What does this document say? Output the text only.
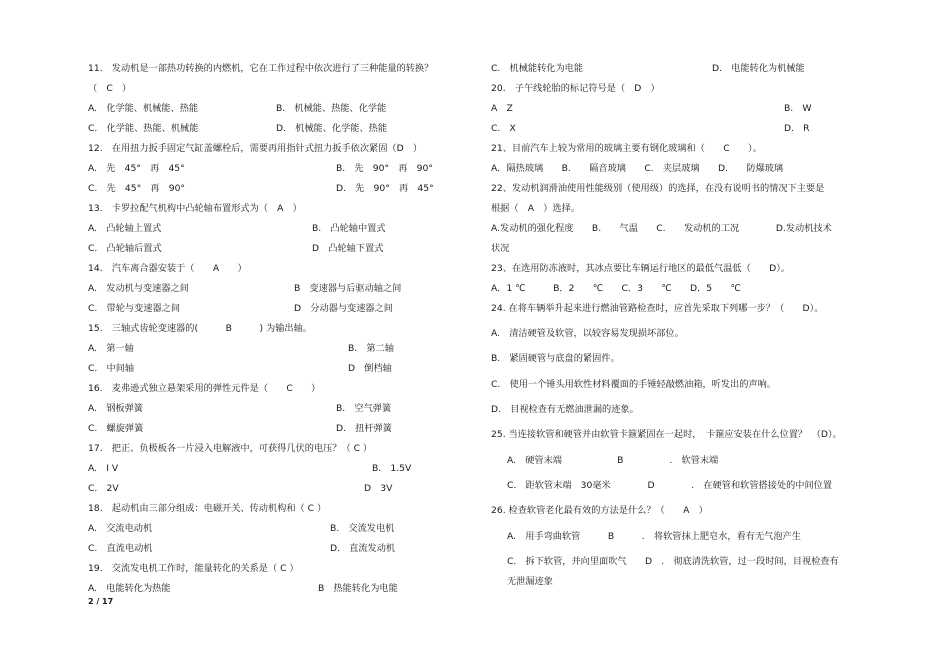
11.　发动机是一部热功转换的内燃机，它在工作过程中依次进行了三种能量的转换？
（　C　）
A.　化学能、机械能、热能	B.　机械能、热能、化学能
C.　化学能、热能、机械能	D.　机械能、化学能、热能
12.　在用扭力扳手固定气缸盖螺栓后，需要再用指针式扭力扳手依次紧固（D　）
A.　先　45°　再　45°	B.　先　90°　再　90°
C.　先　45°　再　90°	D.　先　90°　再　45°
13.　卡罗拉配气机构中凸轮轴布置形式为（　A　）
A.　凸轮轴上置式	B.　凸轮轴中置式
C.　凸轮轴后置式	D　凸轮轴下置式
14.　汽车离合器安装于（　　A　　）
A.　发动机与变速器之间	B　变速器与后驱动轴之间
C.　带轮与变速器之间	D　分动器与变速器之间
15.　三轴式齿轮变速器的(　　　B　　　) 为输出轴。
A.　第一轴	B.　第二轴
C.　中间轴	D　倒档轴
16.　麦弗逊式独立悬架采用的弹性元件是（　　C　　）
A.　钢板弹簧	B.　空气弹簧
C.　螺旋弹簧	D.　扭杆弹簧
17.　把正、负极板各一片浸入电解液中，可获得几伏的电压？（ C ）
A.　I V	B.　1.5V
C.　2V	D　3V
18.　起动机由三部分组成：电磁开关、传动机构和（ C ）
A.　交流电动机	B.　交流发电机
C.　直流电动机	D.　直流发动机
19.　交流发电机工作时，能量转化的关系是（ C ）
A.　电能转化为热能	B　热能转化为电能
C.　机械能转化为电能	D.　电能转化为机械能
20.　子午线轮胎的标记符号是（　D　）
A　Z	B.　W
C.　X	D.　R
21、目前汽车上较为常用的玻璃主要有钢化玻璃和（　　C　　）。
A．隔热玻璃　　B.　　隔音玻璃　　C.　夹层玻璃　　D.　　防爆玻璃
22、发动机润滑油使用性能级别（使用级）的选择，在没有说明书的情况下主要是
根据（　A　）选择。
A.发动机的强化程度　　B.　　气温　　C.　　发动机的工况　　　　D.发动机技术
状况
23、在选用防冻液时，其冰点要比车辆运行地区的最低气温低（　　D）。
A．1 ℃　　　B．2　　℃　　C．3　　℃　　D．5　　℃
24. 在将车辆举升起来进行燃油管路检查时，应首先采取下列哪一步？（　　D）。
A.　清洁硬管及软管，以较容易发现损坏部位。
B.　紧固硬管与底盘的紧固件。
C.　使用一个锤头用软性材料覆面的手锤轻敲燃油箱，听发出的声响。
D.　目视检查有无燃油泄漏的迹象。
25. 当连接软管和硬管并由软管卡箍紧固在一起时，　卡箍应安装在什么位置？　（D）。
A.　硬管末端　　　　　　B　　　　　.　软管末端
C.　距软管末端　30毫米　　　　D　　　　.　在硬管和软管搭接处的中间位置
26. 检查软管老化最有效的方法是什么？（　　A　）
A.　用手弯曲软管　　　B　　　.　将软管抹上肥皂水，看有无气泡产生
C.　拆下软管，并向里面吹气　　D　.　彻底清洗软管，过一段时间，目视检查有
无泄漏迹象
2 / 17
